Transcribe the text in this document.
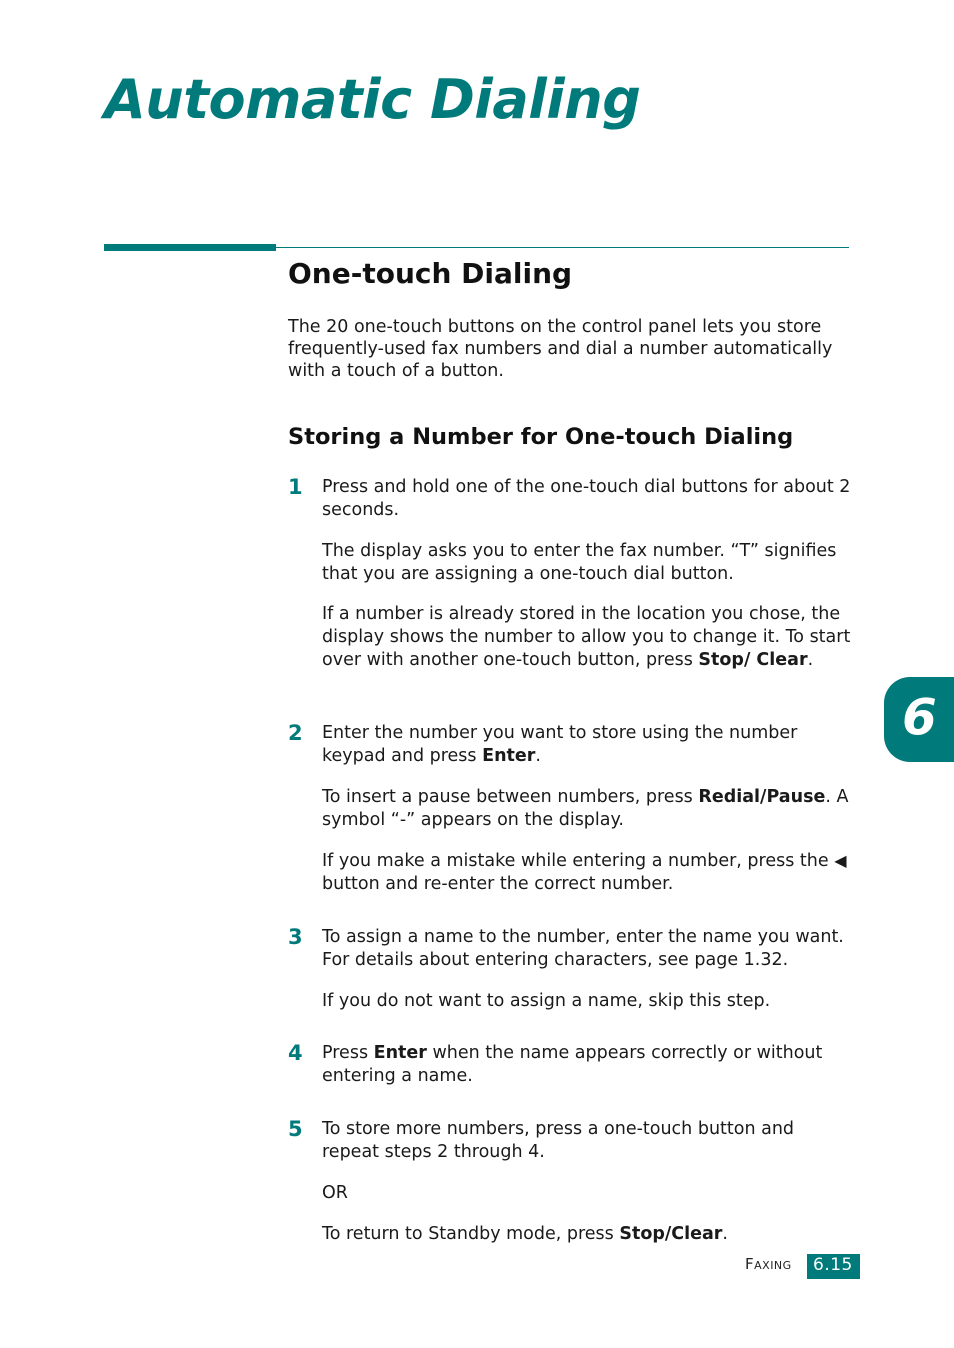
Automatic Dialing
One-touch Dialing

The 20 one-touch buttons on the control panel lets you store frequently-used fax numbers and dial a number automatically with a touch of a button.

Storing a Number for One-touch Dialing
1 Press and hold one of the one-touch dial buttons for about 2 seconds.

The display asks you to enter the fax number. “T” signifies that you are assigning a one-touch dial button.

If a number is already stored in the location you chose, the display shows the number to allow you to change it. To start over with another one-touch button, press Stop/ Clear.

2 Enter the number you want to store using the number keypad and press Enter.

To insert a pause between numbers, press Redial/Pause. A symbol “-” appears on the display.

If you make a mistake while entering a number, press the ◀ button and re-enter the correct number.

3 To assign a name to the number, enter the name you want. For details about entering characters, see page 1.32.

If you do not want to assign a name, skip this step.

4 Press Enter when the name appears correctly or without entering a name.

5 To store more numbers, press a one-touch button and repeat steps 2 through 4.

OR

To return to Standby mode, press Stop/Clear.

6
Faxing 6.15
